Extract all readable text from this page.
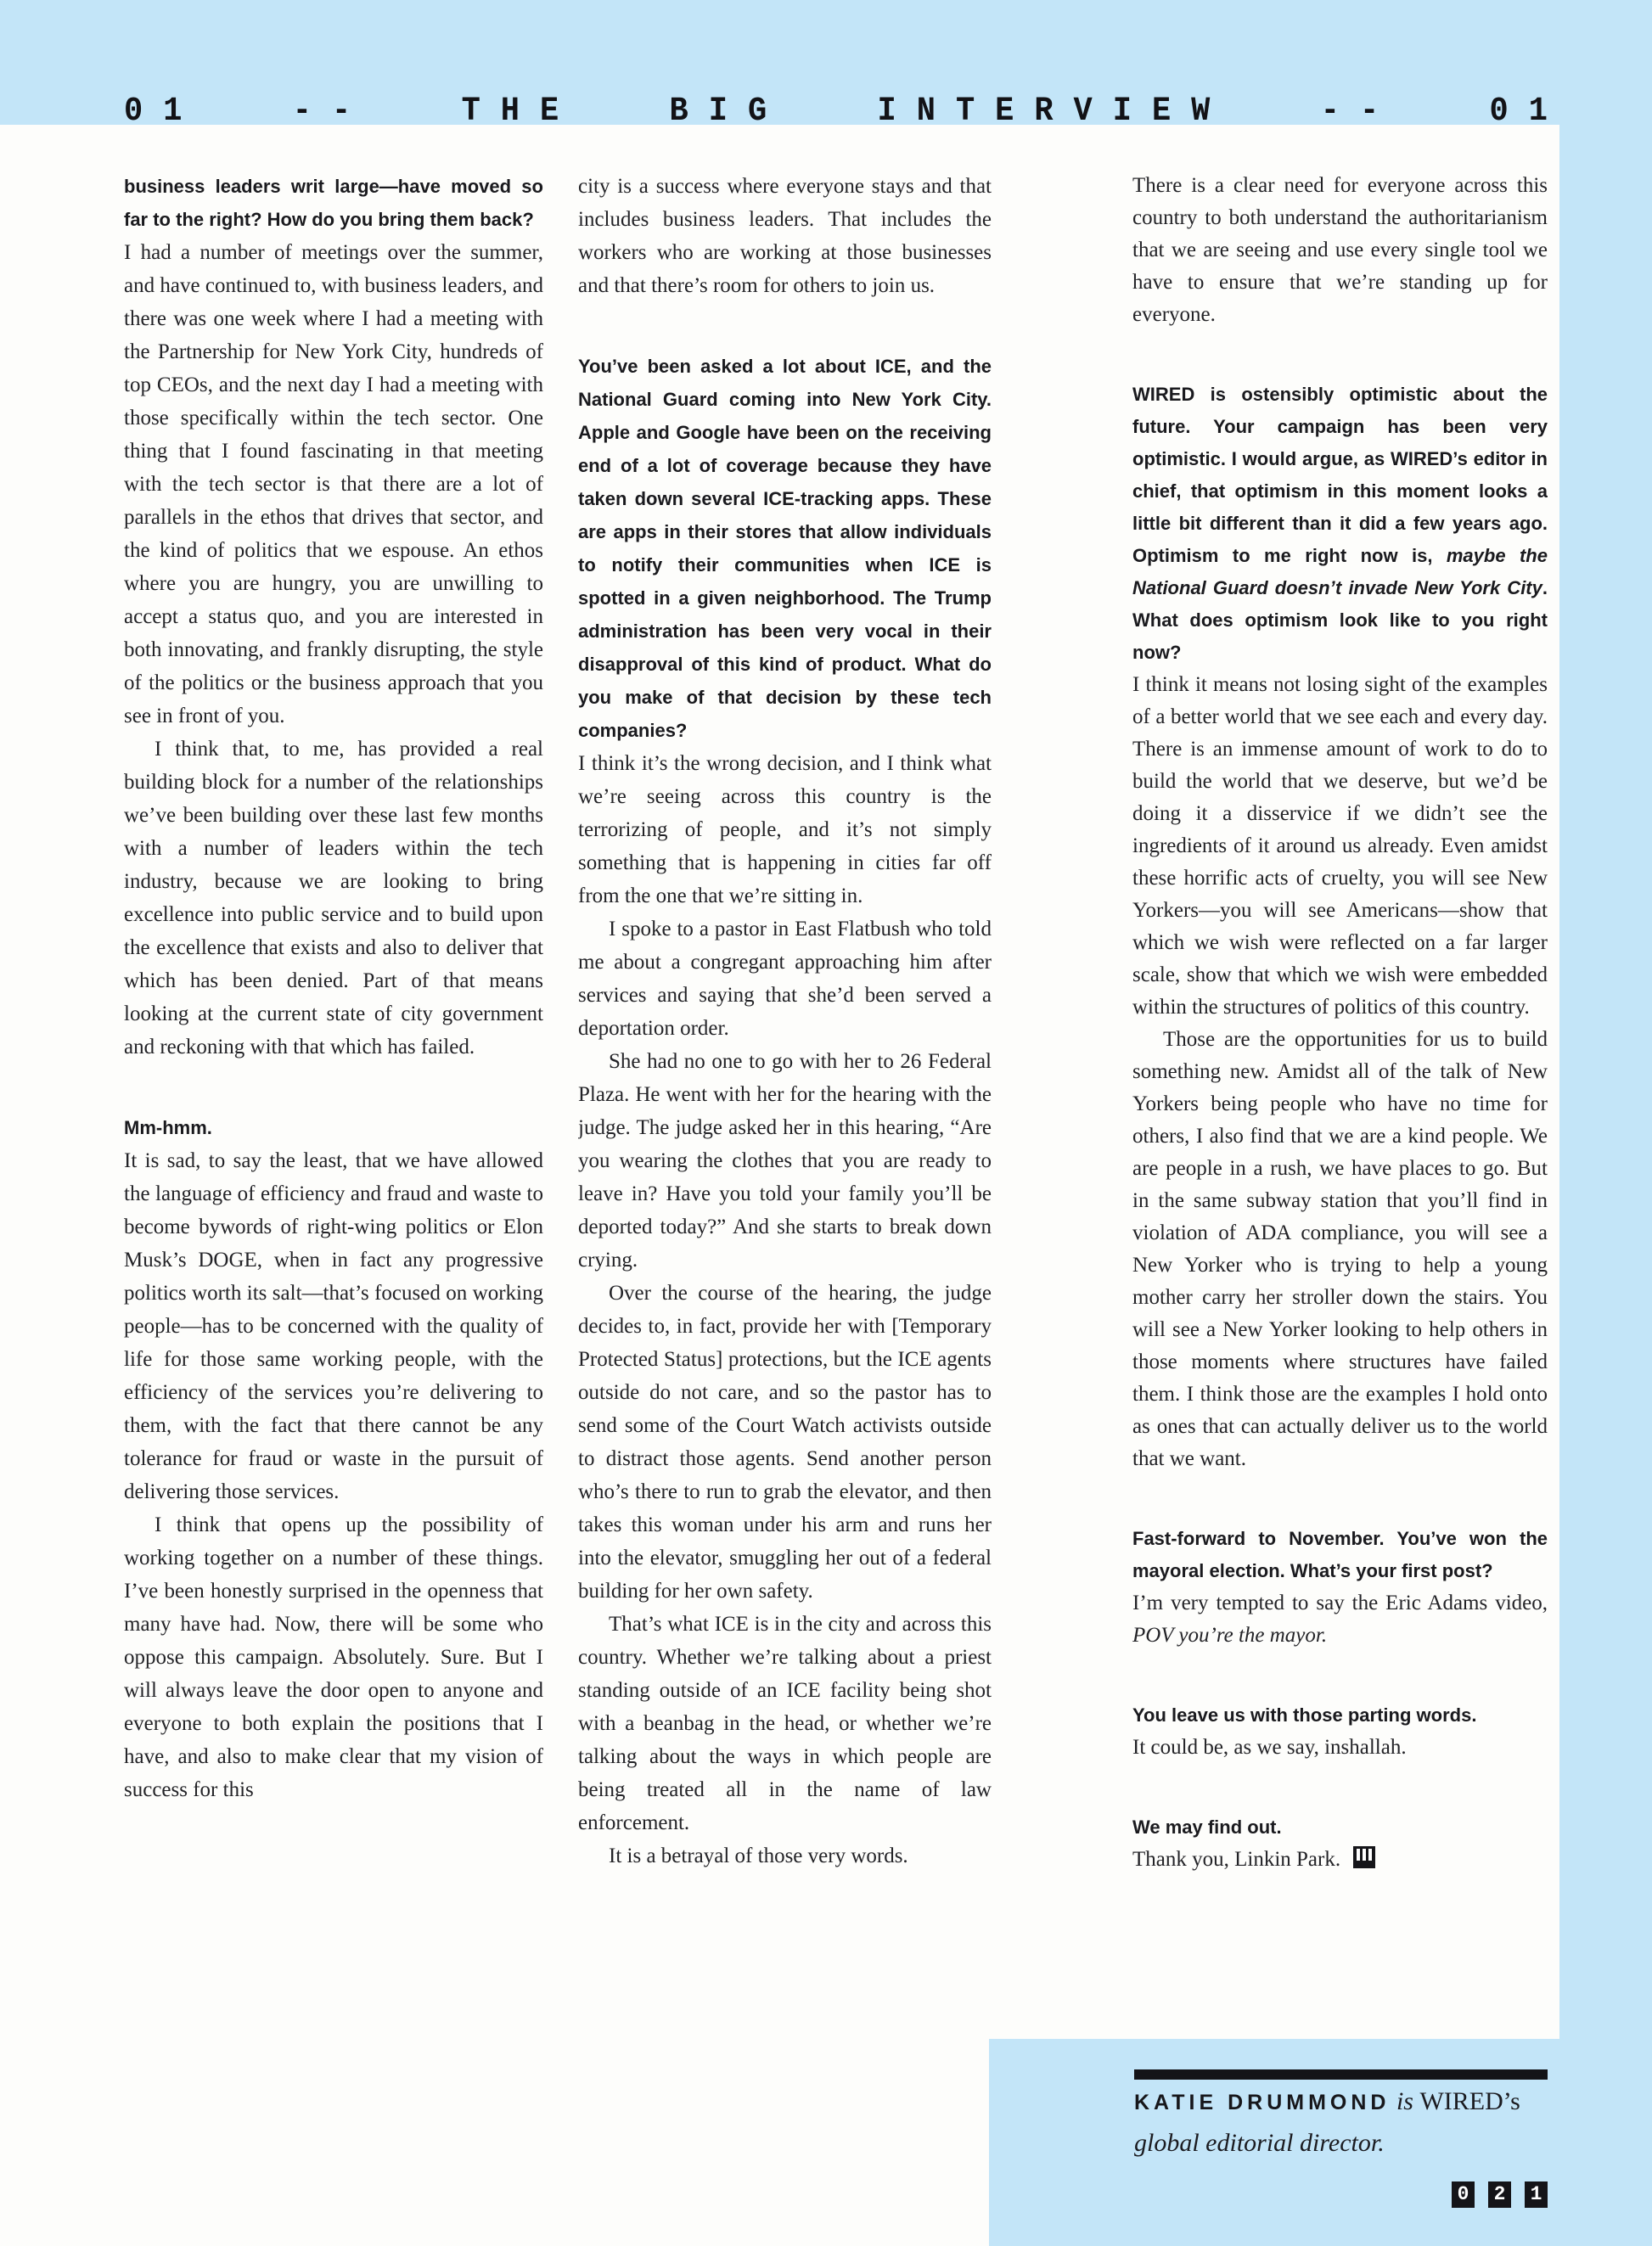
01	--	THE	BIG	INTERVIEW	--	01

business leaders writ large—have moved so far to the right? How do you bring them back?

I had a number of meetings over the summer, and have continued to, with business leaders, and there was one week where I had a meeting with the Partnership for New York City, hundreds of top CEOs, and the next day I had a meeting with those specifically within the tech sector. One thing that I found fascinating in that meeting with the tech sector is that there are a lot of parallels in the ethos that drives that sector, and the kind of politics that we espouse. An ethos where you are hungry, you are unwilling to accept a status quo, and you are interested in both innovating, and frankly disrupting, the style of the politics or the business approach that you see in front of you.

I think that, to me, has provided a real building block for a number of the relationships we’ve been building over these last few months with a number of leaders within the tech industry, because we are looking to bring excellence into public service and to build upon the excellence that exists and also to deliver that which has been denied. Part of that means looking at the current state of city government and reckoning with that which has failed.

Mm-hmm.

It is sad, to say the least, that we have allowed the language of efficiency and fraud and waste to become bywords of right-wing politics or Elon Musk’s DOGE, when in fact any progressive politics worth its salt—that’s focused on working people—has to be concerned with the quality of life for those same working people, with the efficiency of the services you’re delivering to them, with the fact that there cannot be any tolerance for fraud or waste in the pursuit of delivering those services.

I think that opens up the possibility of working together on a number of these things. I’ve been honestly surprised in the openness that many have had. Now, there will be some who oppose this campaign. Absolutely. Sure. But I will always leave the door open to anyone and everyone to both explain the positions that I have, and also to make clear that my vision of success for this

city is a success where everyone stays and that includes business leaders. That includes the workers who are working at those businesses and that there’s room for others to join us.

You’ve been asked a lot about ICE, and the National Guard coming into New York City. Apple and Google have been on the receiving end of a lot of coverage because they have taken down several ICE-tracking apps. These are apps in their stores that allow individuals to notify their communities when ICE is spotted in a given neighborhood. The Trump administration has been very vocal in their disapproval of this kind of product. What do you make of that decision by these tech companies?

I think it’s the wrong decision, and I think what we’re seeing across this country is the terrorizing of people, and it’s not simply something that is happening in cities far off from the one that we’re sitting in.

I spoke to a pastor in East Flatbush who told me about a congregant approaching him after services and saying that she’d been served a deportation order.

She had no one to go with her to 26 Federal Plaza. He went with her for the hearing with the judge. The judge asked her in this hearing, “Are you wearing the clothes that you are ready to leave in? Have you told your family you’ll be deported today?” And she starts to break down crying.

Over the course of the hearing, the judge decides to, in fact, provide her with [Temporary Protected Status] protections, but the ICE agents outside do not care, and so the pastor has to send some of the Court Watch activists outside to distract those agents. Send another person who’s there to run to grab the elevator, and then takes this woman under his arm and runs her into the elevator, smuggling her out of a federal building for her own safety.

That’s what ICE is in the city and across this country. Whether we’re talking about a priest standing outside of an ICE facility being shot with a beanbag in the head, or whether we’re talking about the ways in which people are being treated all in the name of law enforcement.

It is a betrayal of those very words.

There is a clear need for everyone across this country to both understand the authoritarianism that we are seeing and use every single tool we have to ensure that we’re standing up for everyone.

WIRED is ostensibly optimistic about the future. Your campaign has been very optimistic. I would argue, as WIRED’s editor in chief, that optimism in this moment looks a little bit different than it did a few years ago. Optimism to me right now is, maybe the National Guard doesn’t invade New York City. What does optimism look like to you right now?

I think it means not losing sight of the examples of a better world that we see each and every day. There is an immense amount of work to do to build the world that we deserve, but we’d be doing it a disservice if we didn’t see the ingredients of it around us already. Even amidst these horrific acts of cruelty, you will see New Yorkers—you will see Americans—show that which we wish were reflected on a far larger scale, show that which we wish were embedded within the structures of politics of this country.

Those are the opportunities for us to build something new. Amidst all of the talk of New Yorkers being people who have no time for others, I also find that we are a kind people. We are people in a rush, we have places to go. But in the same subway station that you’ll find in violation of ADA compliance, you will see a New Yorker who is trying to help a young mother carry her stroller down the stairs. You will see a New Yorker looking to help others in those moments where structures have failed them. I think those are the examples I hold onto as ones that can actually deliver us to the world that we want.

Fast-forward to November. You’ve won the mayoral election. What’s your first post?

I’m very tempted to say the Eric Adams video, POV you’re the mayor.

You leave us with those parting words.

It could be, as we say, inshallah.

We may find out.

Thank you, Linkin Park.

KATIE DRUMMOND is WIRED’s global editorial director.

0 2 1
